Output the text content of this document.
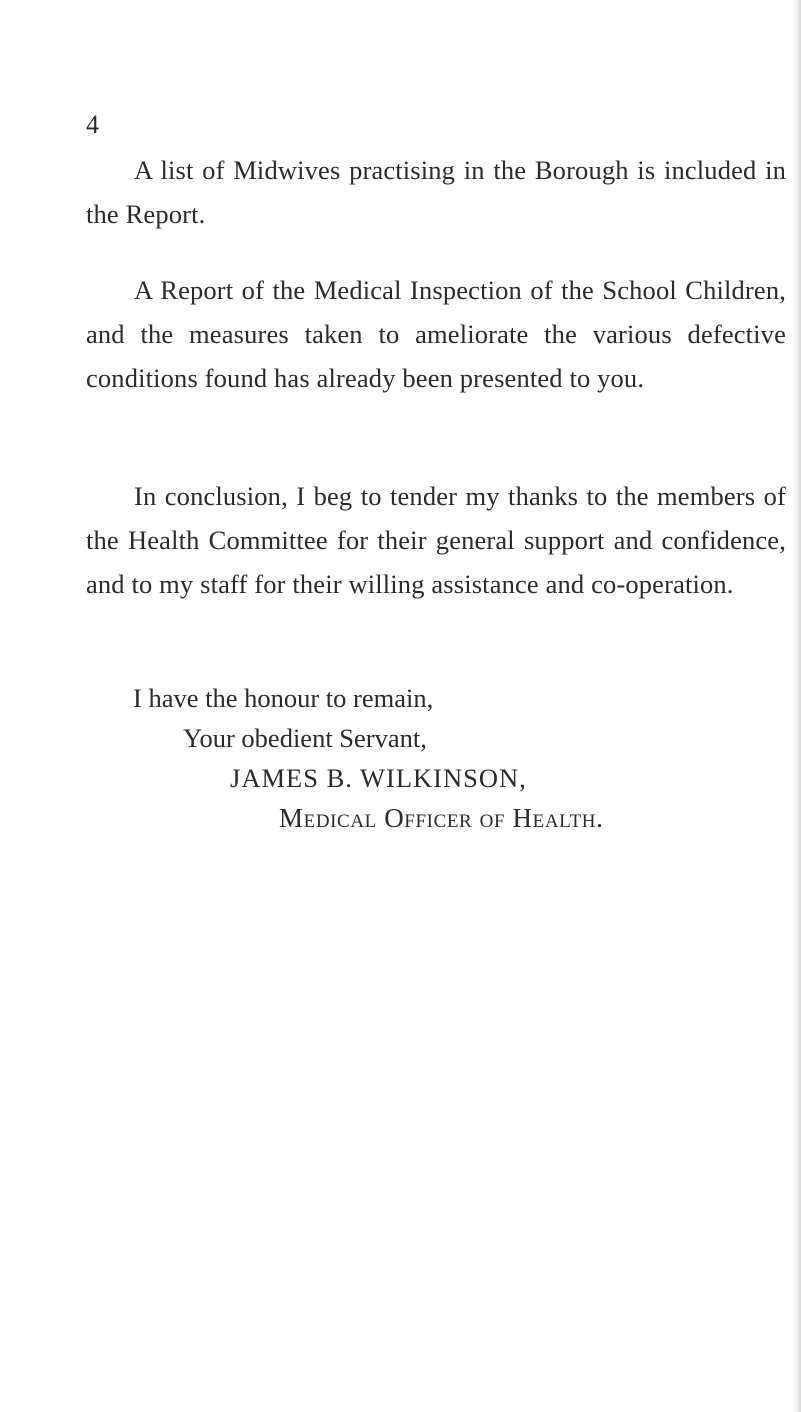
4

A list of Midwives practising in the Borough is included in the Report.

A Report of the Medical Inspection of the School Children, and the measures taken to ameliorate the various defective conditions found has already been presented to you.

In conclusion, I beg to tender my thanks to the members of the Health Committee for their general support and confidence, and to my staff for their willing assistance and co-operation.

I have the honour to remain,

Your obedient Servant,

JAMES B. WILKINSON,

Medical Officer of Health.
